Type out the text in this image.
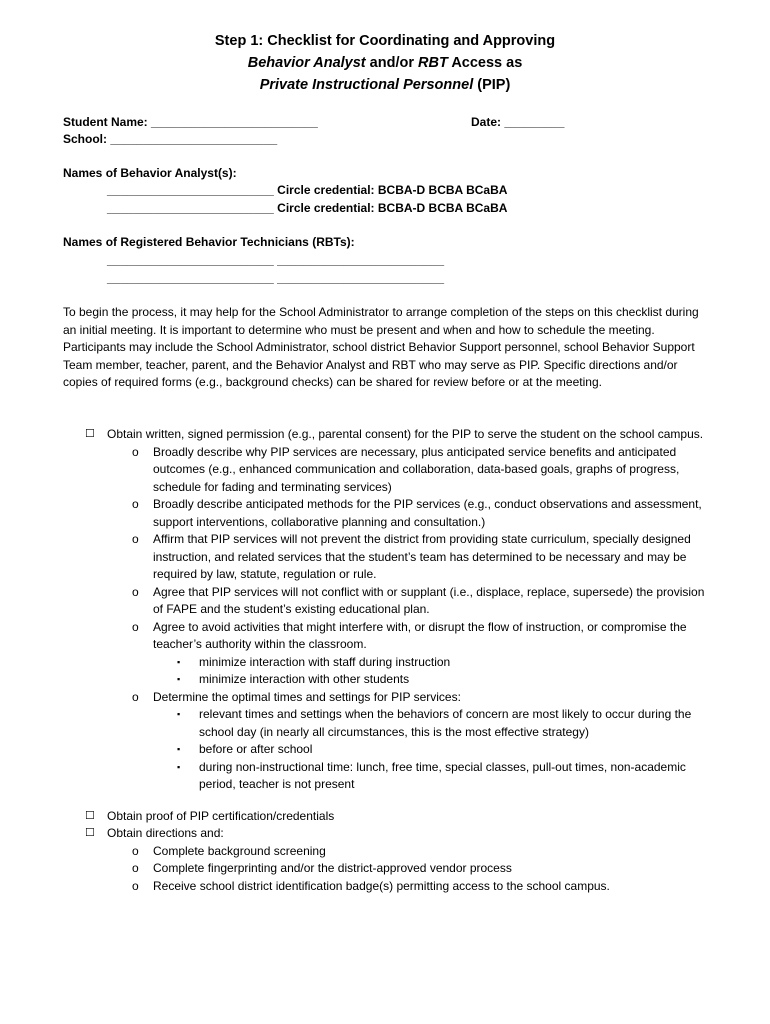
Step 1: Checklist for Coordinating and Approving
Behavior Analyst and/or RBT Access as
Private Instructional Personnel (PIP)
Student Name: _________________________	Date: _________
School: _________________________
Names of Behavior Analyst(s):
_________________________ Circle credential: BCBA-D BCBA BCaBA
_________________________ Circle credential: BCBA-D BCBA BCaBA
Names of Registered Behavior Technicians (RBTs):
_________________________ _________________________
_________________________ _________________________
To begin the process, it may help for the School Administrator to arrange completion of the steps on this checklist during an initial meeting. It is important to determine who must be present and when and how to schedule the meeting. Participants may include the School Administrator, school district Behavior Support personnel, school Behavior Support Team member, teacher, parent, and the Behavior Analyst and RBT who may serve as PIP. Specific directions and/or copies of required forms (e.g., background checks) can be shared for review before or at the meeting.
☐ Obtain written, signed permission (e.g., parental consent) for the PIP to serve the student on the school campus.
o Broadly describe why PIP services are necessary, plus anticipated service benefits and anticipated outcomes (e.g., enhanced communication and collaboration, data-based goals, graphs of progress, schedule for fading and terminating services)
o Broadly describe anticipated methods for the PIP services (e.g., conduct observations and assessment, support interventions, collaborative planning and consultation.)
o Affirm that PIP services will not prevent the district from providing state curriculum, specially designed instruction, and related services that the student’s team has determined to be necessary and may be required by law, statute, regulation or rule.
o Agree that PIP services will not conflict with or supplant (i.e., displace, replace, supersede) the provision of FAPE and the student’s existing educational plan.
o Agree to avoid activities that might interfere with, or disrupt the flow of instruction, or compromise the teacher’s authority within the classroom.
▪ minimize interaction with staff during instruction
▪ minimize interaction with other students
o Determine the optimal times and settings for PIP services:
▪ relevant times and settings when the behaviors of concern are most likely to occur during the school day (in nearly all circumstances, this is the most effective strategy)
▪ before or after school
▪ during non-instructional time: lunch, free time, special classes, pull-out times, non-academic period, teacher is not present
☐ Obtain proof of PIP certification/credentials
☐ Obtain directions and:
o Complete background screening
o Complete fingerprinting and/or the district-approved vendor process
o Receive school district identification badge(s) permitting access to the school campus.
